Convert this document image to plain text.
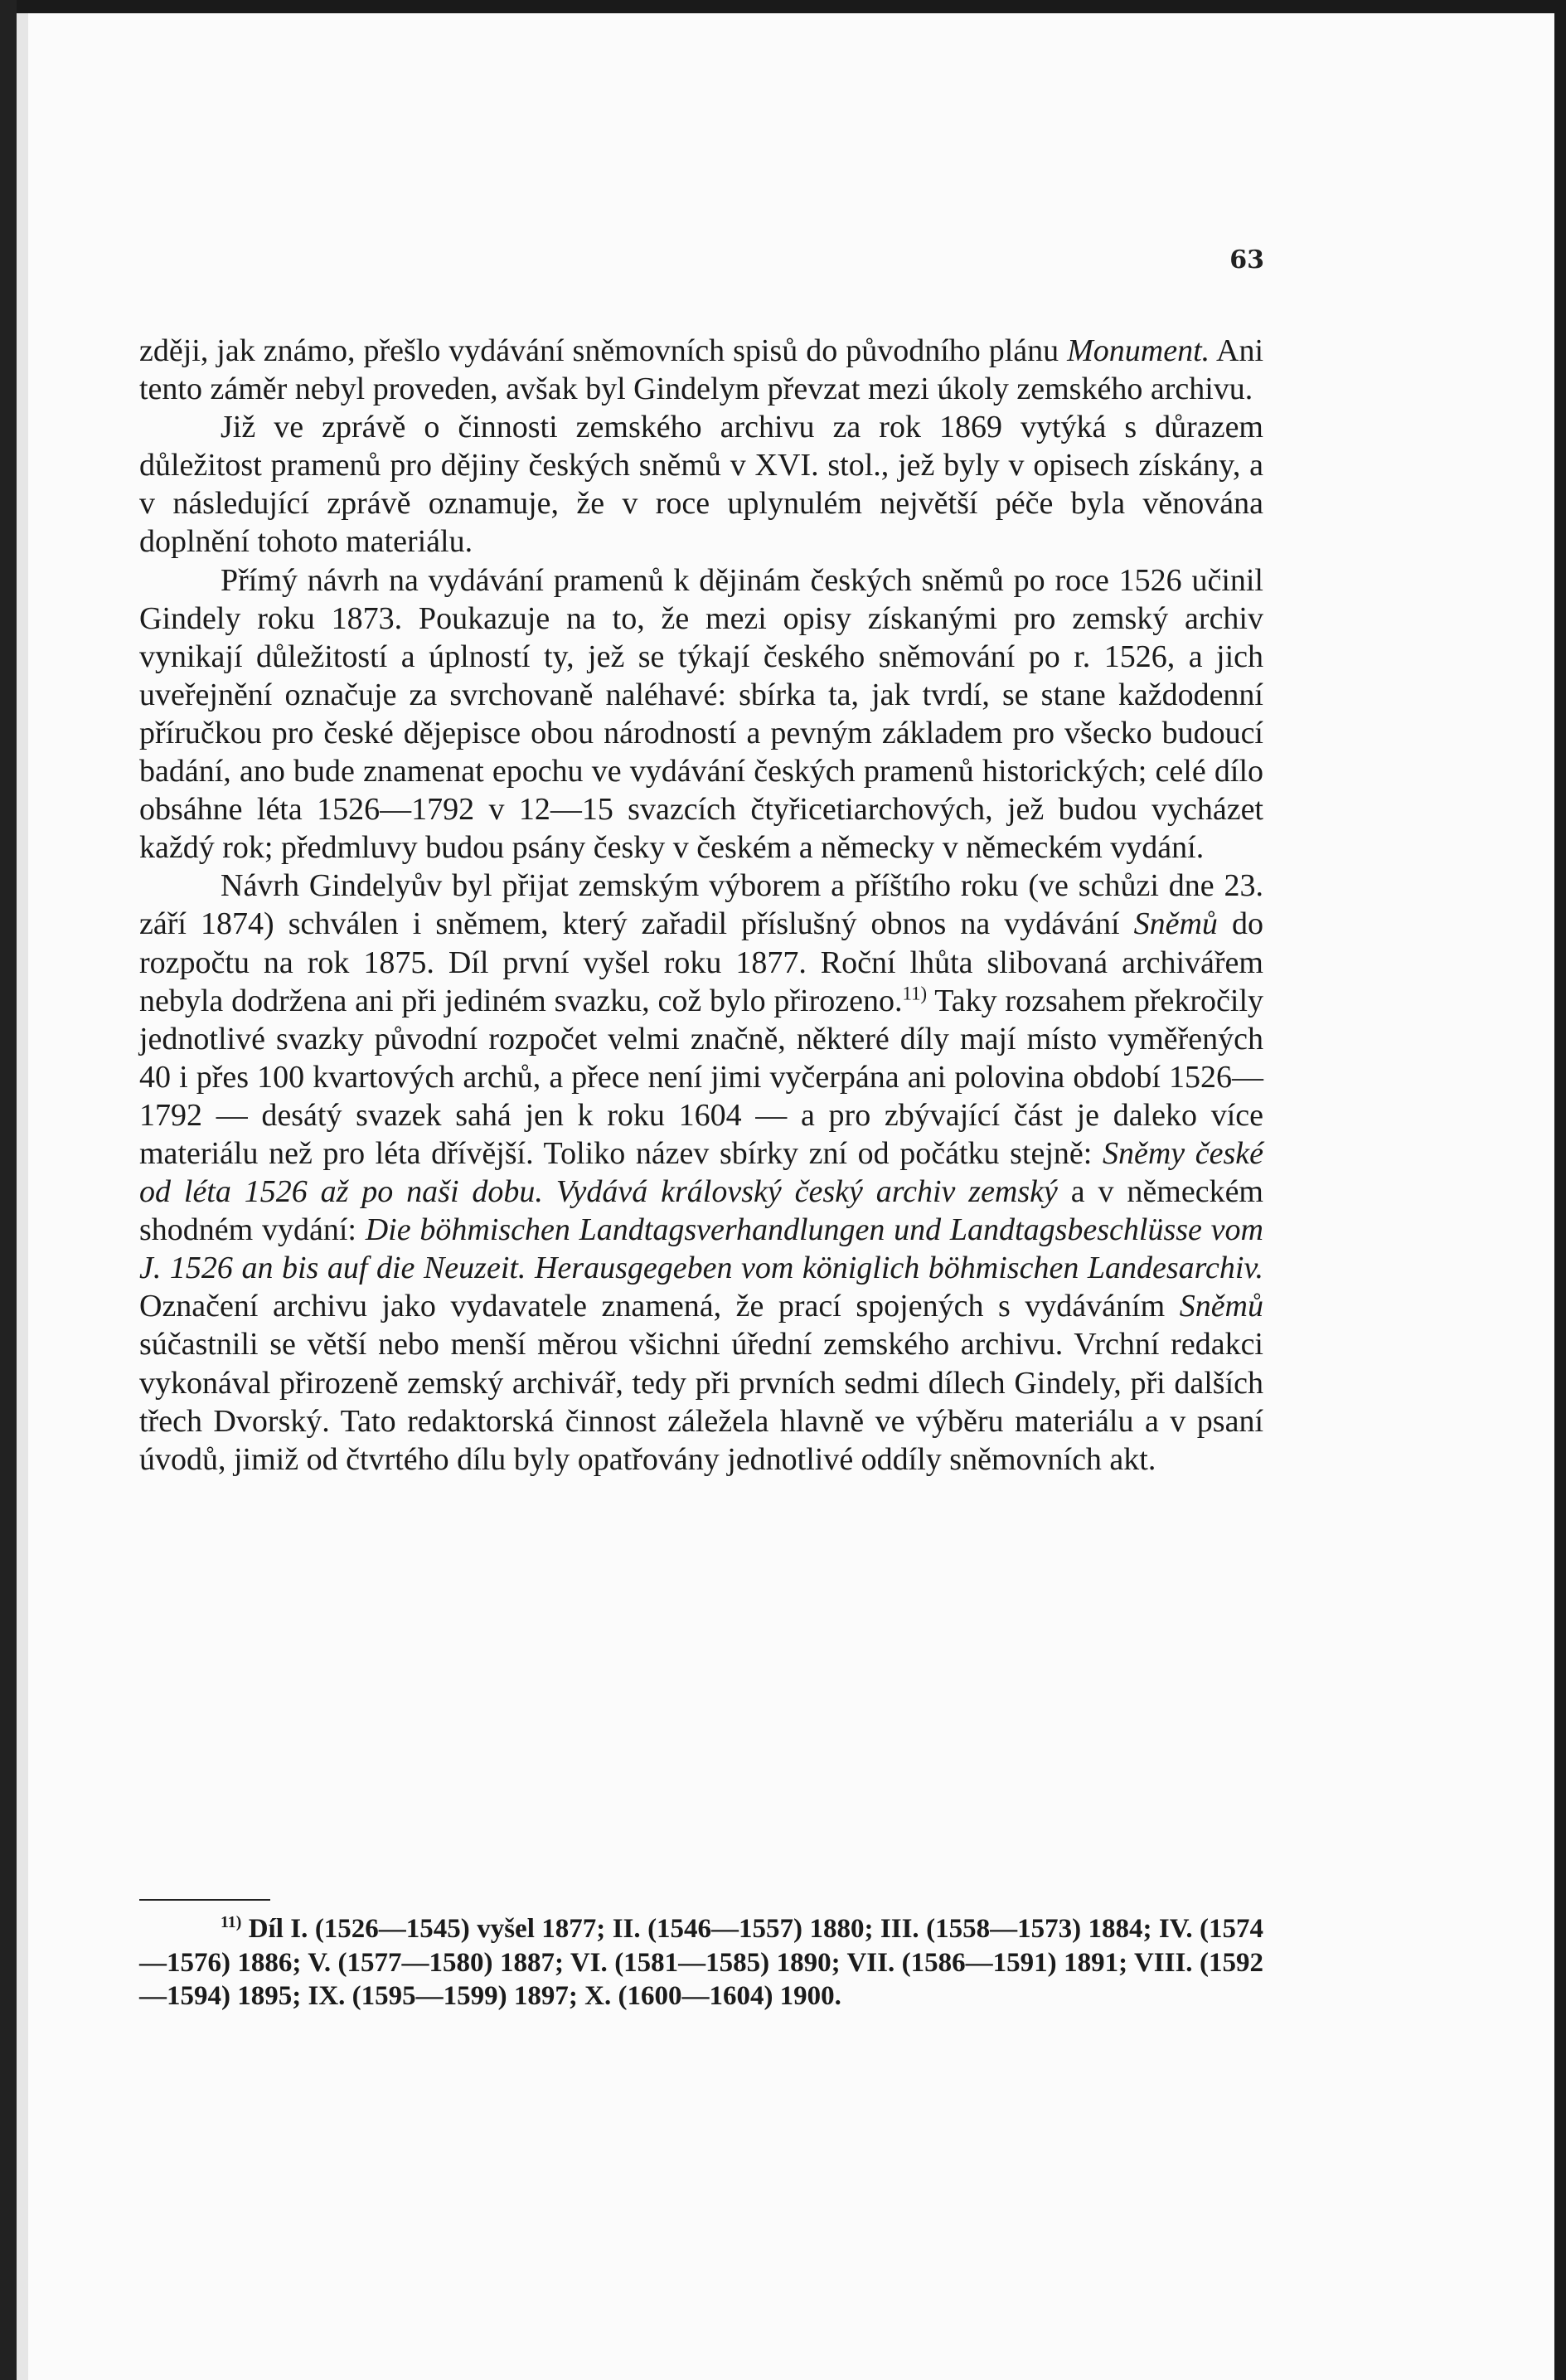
63

zději, jak známo, přešlo vydávání sněmovních spisů do původního plánu Monument. Ani tento záměr nebyl proveden, avšak byl Gindelym převzat mezi úkoly zemského archivu.

Již ve zprávě o činnosti zemského archivu za rok 1869 vytýká s důrazem důležitost pramenů pro dějiny českých sněmů v XVI. stol., jež byly v opisech získány, a v následující zprávě oznamuje, že v roce uplynulém největší péče byla věnována doplnění tohoto materiálu.

Přímý návrh na vydávání pramenů k dějinám českých sněmů po roce 1526 učinil Gindely roku 1873. Poukazuje na to, že mezi opisy získanými pro zemský archiv vynikají důležitostí a úplností ty, jež se týkají českého sněmování po r. 1526, a jich uveřejnění označuje za svrchovaně naléhavé: sbírka ta, jak tvrdí, se stane každodenní příručkou pro české dějepisce obou národností a pevným základem pro všecko budoucí badání, ano bude znamenat epochu ve vydávání českých pramenů historických; celé dílo obsáhne léta 1526—1792 v 12—15 svazcích čtyřicetiarchových, jež budou vycházet každý rok; předmluvy budou psány česky v českém a německy v německém vydání.

Návrh Gindelyův byl přijat zemským výborem a příštího roku (ve schůzi dne 23. září 1874) schválen i sněmem, který zařadil příslušný obnos na vydávání Sněmů do rozpočtu na rok 1875. Díl první vyšel roku 1877. Roční lhůta slibovaná archivářem nebyla dodržena ani při jediném svazku, což bylo přirozeno.$^{11)}$ Taky rozsahem překročily jednotlivé svazky původní rozpočet velmi značně, některé díly mají místo vyměřených 40 i přes 100 kvartových archů, a přece není jimi vyčerpána ani polovina období 1526—1792 — desátý svazek sahá jen k roku 1604 — a pro zbývající část je daleko více materiálu než pro léta dřívější. Toliko název sbírky zní od počátku stejně: Sněmy české od léta 1526 až po naši dobu. Vydává královský český archiv zemský a v německém shodném vydání: Die böhmischen Landtagsverhandlungen und Landtagsbeschlüsse vom J. 1526 an bis auf die Neuzeit. Herausgegeben vom königlich böhmischen Landesarchiv. Označení archivu jako vydavatele znamená, že prací spojených s vydáváním Sněmů súčastnili se větší nebo menší měrou všichni úřední zemského archivu. Vrchní redakci vykonával přirozeně zemský archivář, tedy při prvních sedmi dílech Gindely, při dalších třech Dvorský. Tato redaktorská činnost záleželа hlavně ve výběru materiálu a v psaní úvodů, jimiž od čtvrtého dílu byly opatřovány jednotlivé oddíly sněmovních akt.

$^{11)}$ Díl I. (1526—1545) vyšel 1877; II. (1546—1557) 1880; III. (1558—1573) 1884; IV. (1574—1576) 1886; V. (1577—1580) 1887; VI. (1581—1585) 1890; VII. (1586—1591) 1891; VIII. (1592—1594) 1895; IX. (1595—1599) 1897; X. (1600—1604) 1900.
